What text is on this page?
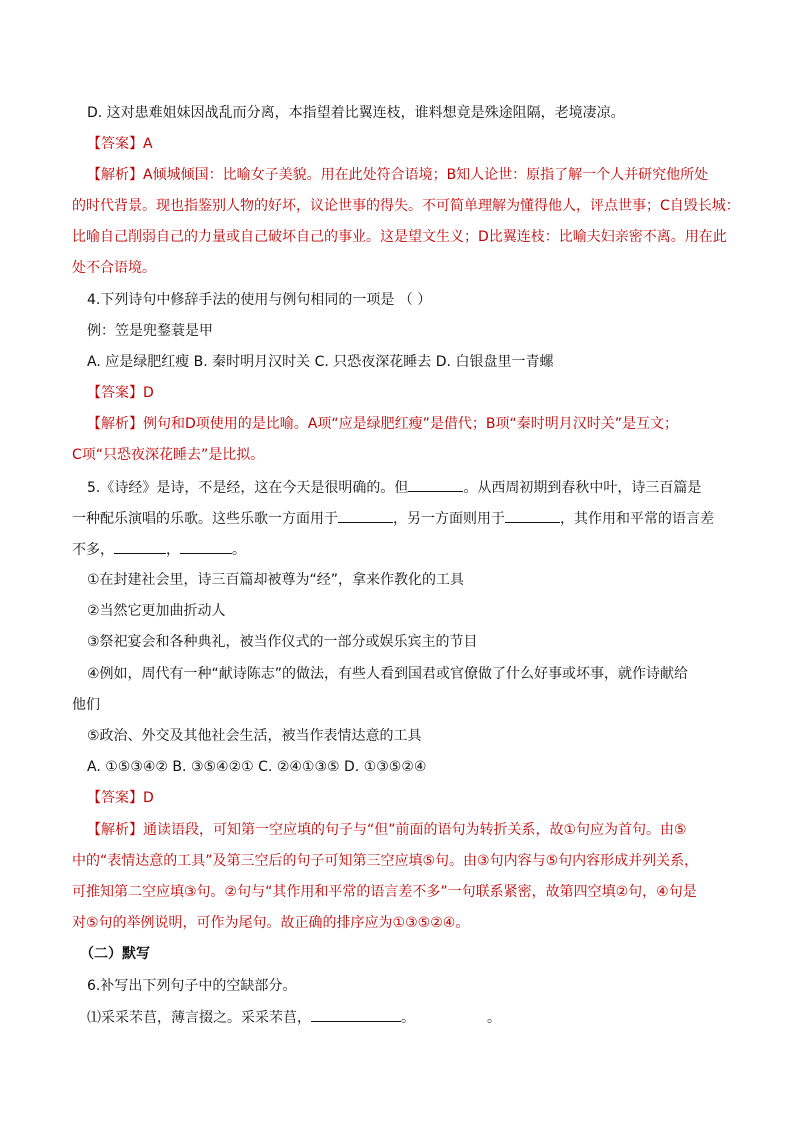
D. 这对患难姐妹因战乱而分离，本指望着比翼连枝，谁料想竟是殊途阻隔，老境凄凉。
【答案】A
【解析】A倾城倾国：比喻女子美貌。用在此处符合语境；B知人论世：原指了解一个人并研究他所处
的时代背景。现也指鉴别人物的好坏，议论世事的得失。不可简单理解为懂得他人，评点世事；C自毁长城：
比喻自己削弱自己的力量或自己破坏自己的事业。这是望文生义；D比翼连枝：比喻夫妇亲密不离。用在此
处不合语境。
4.下列诗句中修辞手法的使用与例句相同的一项是 （ ）
例：笠是兜鍪蓑是甲
A. 应是绿肥红瘦 B. 秦时明月汉时关 C. 只恐夜深花睡去 D. 白银盘里一青螺
【答案】D
【解析】例句和D项使用的是比喻。A项“应是绿肥红瘦”是借代；B项“秦时明月汉时关”是互文；
C项“只恐夜深花睡去”是比拟。
5.《诗经》是诗，不是经，这在今天是很明确的。但	。从西周初期到春秋中叶，诗三百篇是
一种配乐演唱的乐歌。这些乐歌一方面用于	，另一方面则用于	，其作用和平常的语言差
不多，	，	。
①在封建社会里，诗三百篇却被尊为“经”，拿来作教化的工具
②当然它更加曲折动人
③祭祀宴会和各种典礼，被当作仪式的一部分或娱乐宾主的节目
④例如，周代有一种“献诗陈志”的做法，有些人看到国君或官僚做了什么好事或坏事，就作诗献给
他们
⑤政治、外交及其他社会生活，被当作表情达意的工具
A. ①⑤③④② B. ③⑤④②① C. ②④①③⑤ D. ①③⑤②④
【答案】D
【解析】通读语段，可知第一空应填的句子与“但”前面的语句为转折关系，故①句应为首句。由⑤
中的“表情达意的工具”及第三空后的句子可知第三空应填⑤句。由③句内容与⑤句内容形成并列关系，
可推知第二空应填③句。②句与“其作用和平常的语言差不多”一句联系紧密，故第四空填②句，④句是
对⑤句的举例说明，可作为尾句。故正确的排序应为①③⑤②④。
（二）默写
6.补写出下列句子中的空缺部分。
⑴采采芣苢，薄言掇之。采采芣苢，	。	。
